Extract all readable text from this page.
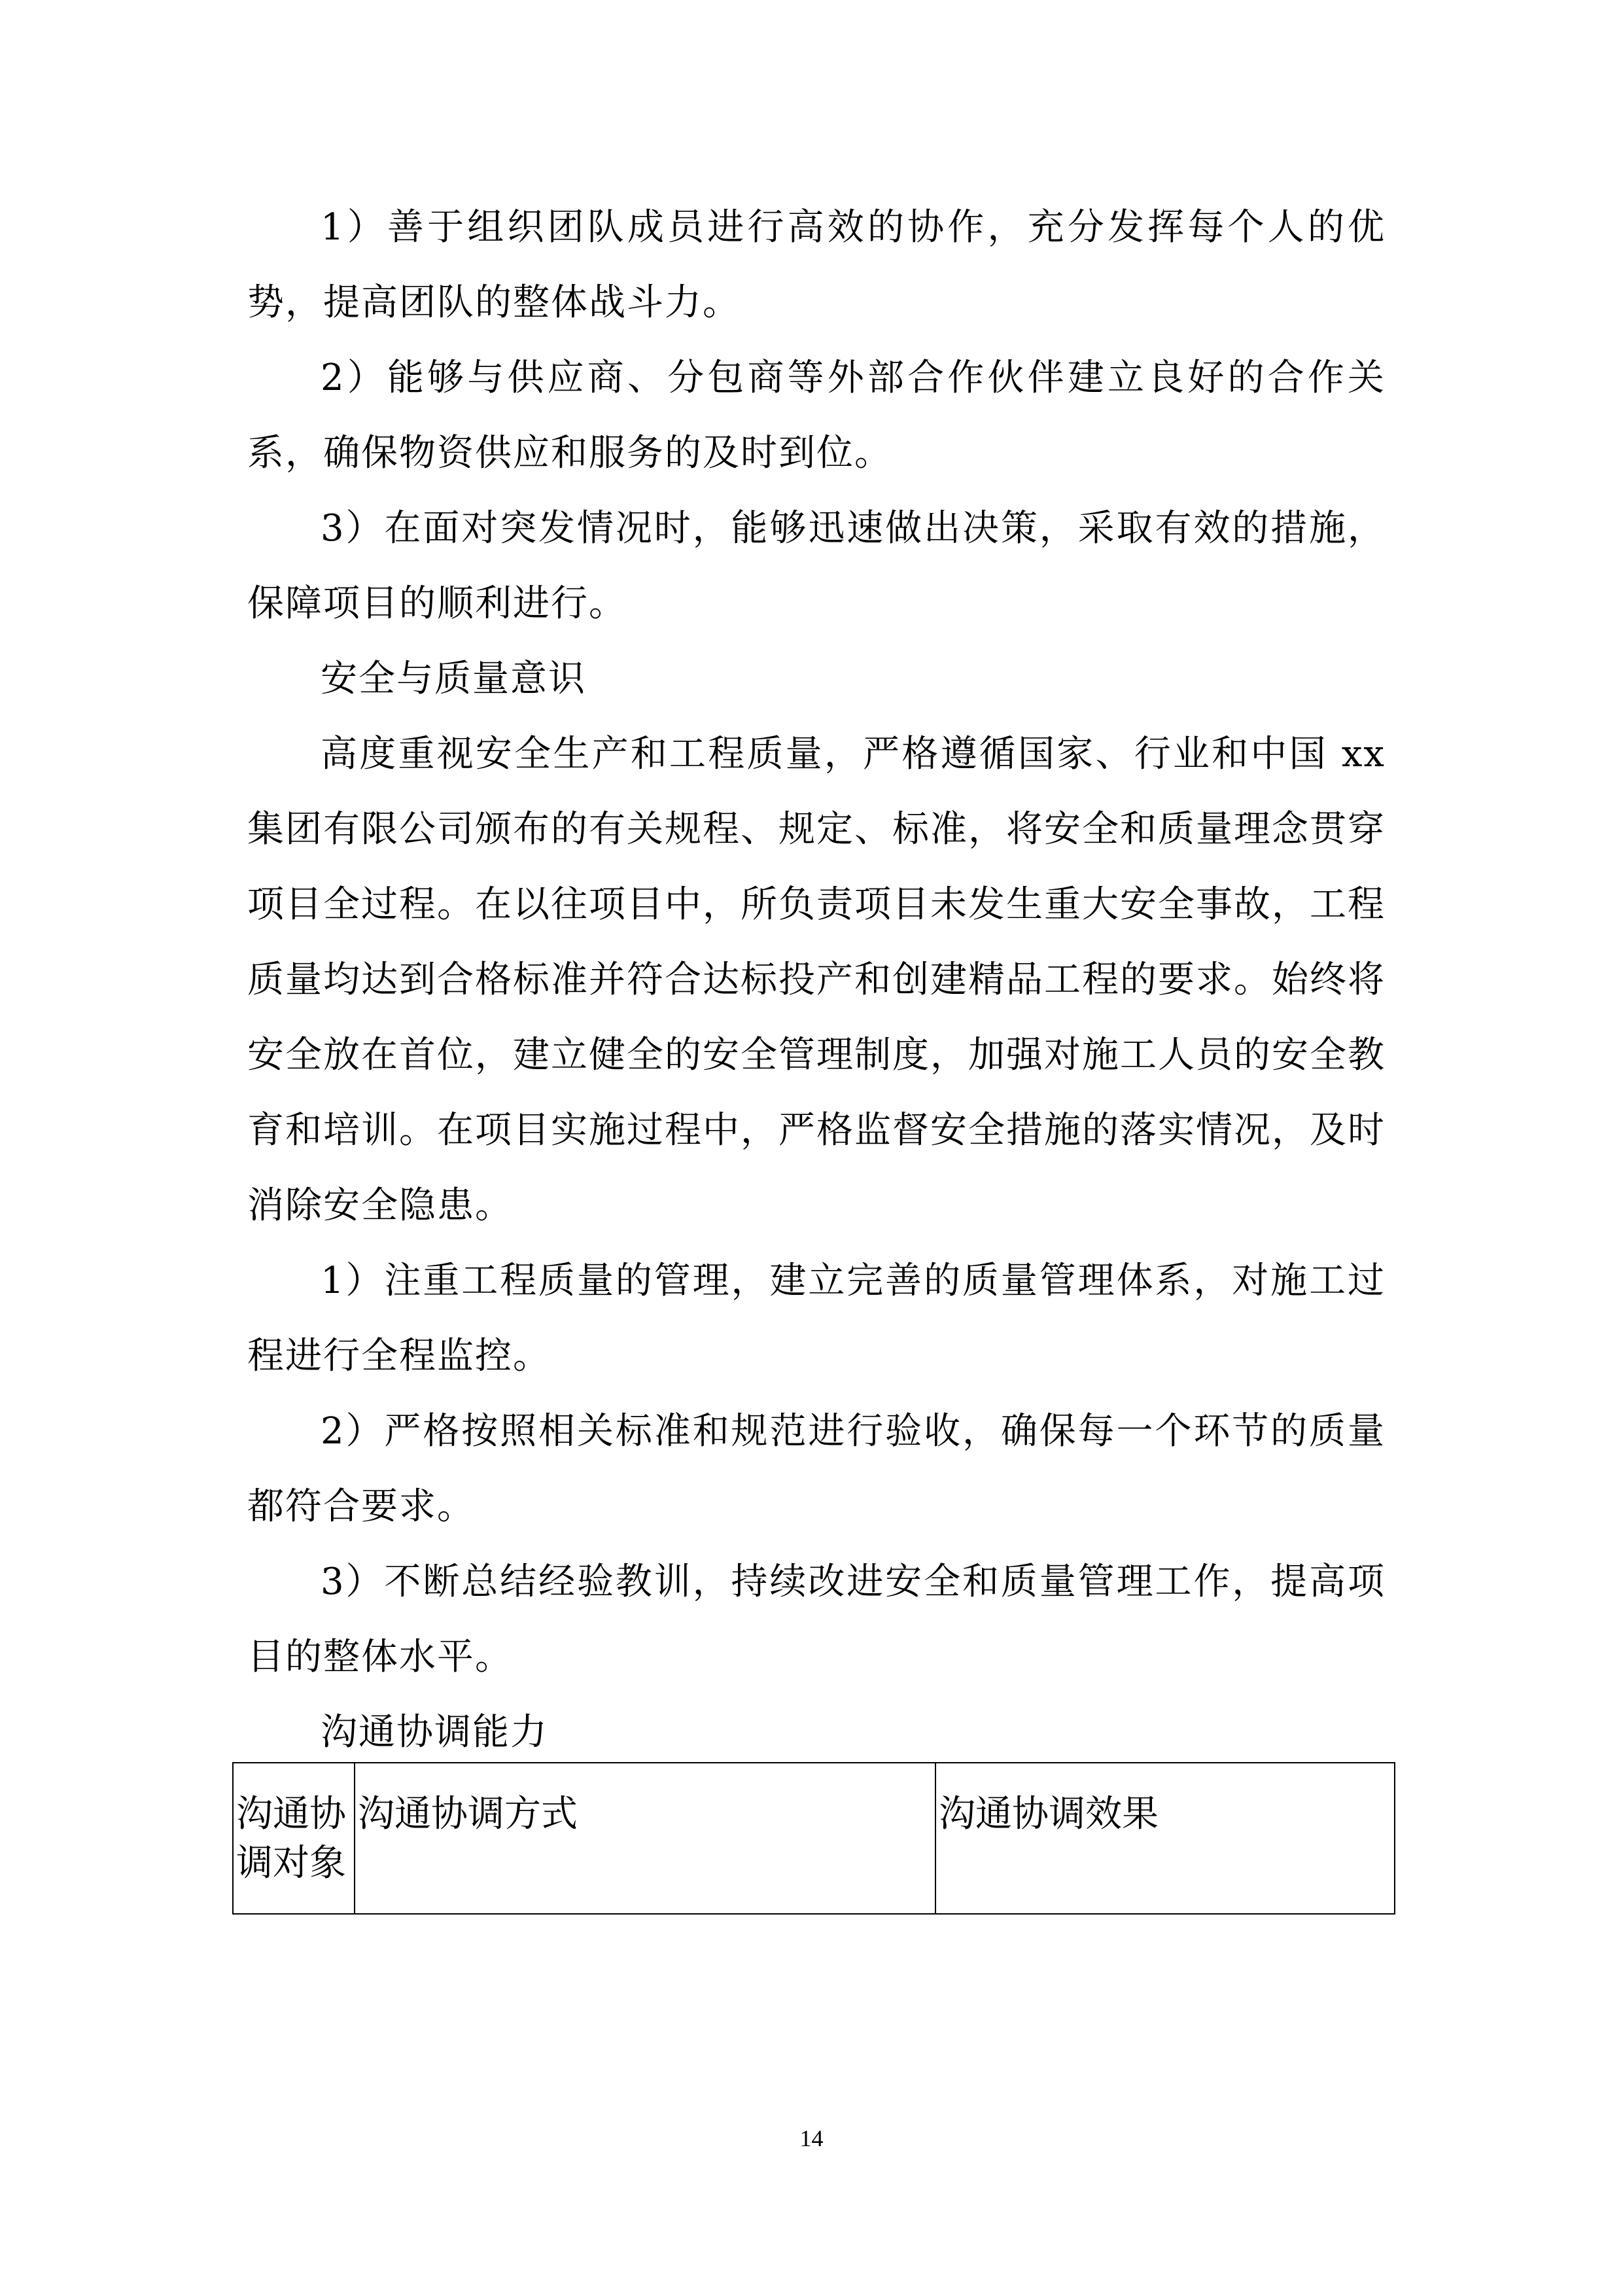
1）善于组织团队成员进行高效的协作，充分发挥每个人的优势，提高团队的整体战斗力。

2）能够与供应商、分包商等外部合作伙伴建立良好的合作关系，确保物资供应和服务的及时到位。

3）在面对突发情况时，能够迅速做出决策，采取有效的措施，保障项目的顺利进行。

安全与质量意识

高度重视安全生产和工程质量，严格遵循国家、行业和中国 xx 集团有限公司颁布的有关规程、规定、标准，将安全和质量理念贯穿项目全过程。在以往项目中，所负责项目未发生重大安全事故，工程质量均达到合格标准并符合达标投产和创建精品工程的要求。始终将安全放在首位，建立健全的安全管理制度，加强对施工人员的安全教育和培训。在项目实施过程中，严格监督安全措施的落实情况，及时消除安全隐患。

1）注重工程质量的管理，建立完善的质量管理体系，对施工过程进行全程监控。

2）严格按照相关标准和规范进行验收，确保每一个环节的质量都符合要求。

3）不断总结经验教训，持续改进安全和质量管理工作，提高项目的整体水平。

沟通协调能力

沟通协调对象	沟通协调方式	沟通协调效果
14
